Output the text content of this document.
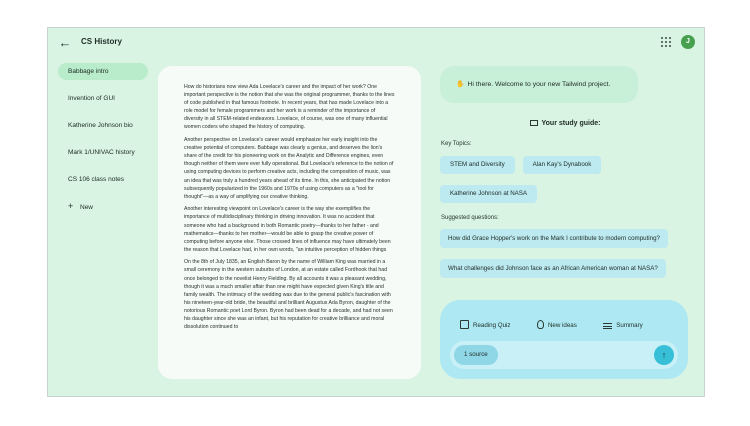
← CS History	J
Babbage intro
Invention of GUI
Katherine Johnson bio
Mark 1/UNIVAC history
CS 106 class notes
+ New

How do historians now view Ada Lovelace's career and the impact of her work? One important perspective is the notion that she was the original programmer, thanks to the lines of code published in that famous footnote. In recent years, that has made Lovelace into a role model for female programmers and her work is a reminder of the importance of diversity in all STEM-related endeavors. Lovelace, of course, was one of many influential women coders who shaped the history of computing.

Another perspective on Lovelace's career would emphasize her early insight into the creative potential of computers. Babbage was clearly a genius, and deserves the lion's share of the credit for his pioneering work on the Analytic and Difference engines, even though neither of them were ever fully operational. But Lovelace's reference to the notion of using computing devices to perform creative acts, including the composition of music, was an idea that was truly a hundred years ahead of its time. In this, she anticipated the notion subsequently popularized in the 1960s and 1970s of using computers as a "tool for thought"—as a way of amplifying our creative thinking.

Another interesting viewpoint on Lovelace's career is the way she exemplifies the importance of multidisciplinary thinking in driving innovation. It was no accident that someone who had a background in both Romantic poetry—thanks to her father - and mathematics—thanks to her mother—would be able to grasp the creative power of computing before anyone else. Those crossed lines of influence may have ultimately been the reason that Lovelace had, in her own words, "an intuitive perception of hidden things

On the 8th of July 1835, an English Baron by the name of William King was married in a small ceremony in the western suburbs of London, at an estate called Fordhook that had once belonged to the novelist Henry Fielding. By all accounts it was a pleasant wedding, though it was a much smaller affair than one might have expected given King's title and family wealth. The intimacy of the wedding was due to the general public's fascination with his nineteen-year-old bride, the beautiful and brilliant Augustus Ada Byron, daughter of the notorious Romantic poet Lord Byron. Byron had been dead for a decade, and had not seen his daughter since she was an infant, but his reputation for creative brilliance and moral dissolution continued to

✋ Hi there. Welcome to your new Tailwind project.
Your study guide:
Key Topics:
STEM and Diversity	Alan Kay's Dynabook
Katherine Johnson at NASA
Suggested questions:
How did Grace Hopper's work on the Mark I contribute to modern computing?
What challenges did Johnson face as an African American woman at NASA?
Reading Quiz	New ideas	Summary
1 source	↑
